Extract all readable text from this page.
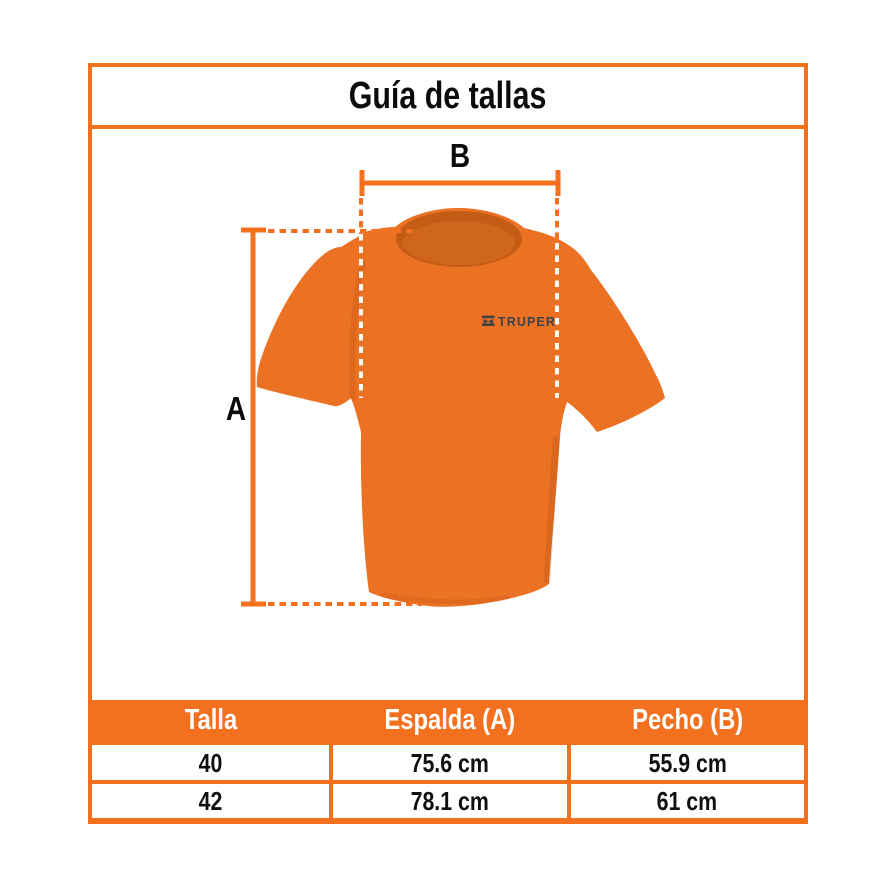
Guía de tallas
TRUPER
B
A
Talla	Espalda (A)	Pecho (B)
40	75.6 cm	55.9 cm
42	78.1 cm	61 cm
